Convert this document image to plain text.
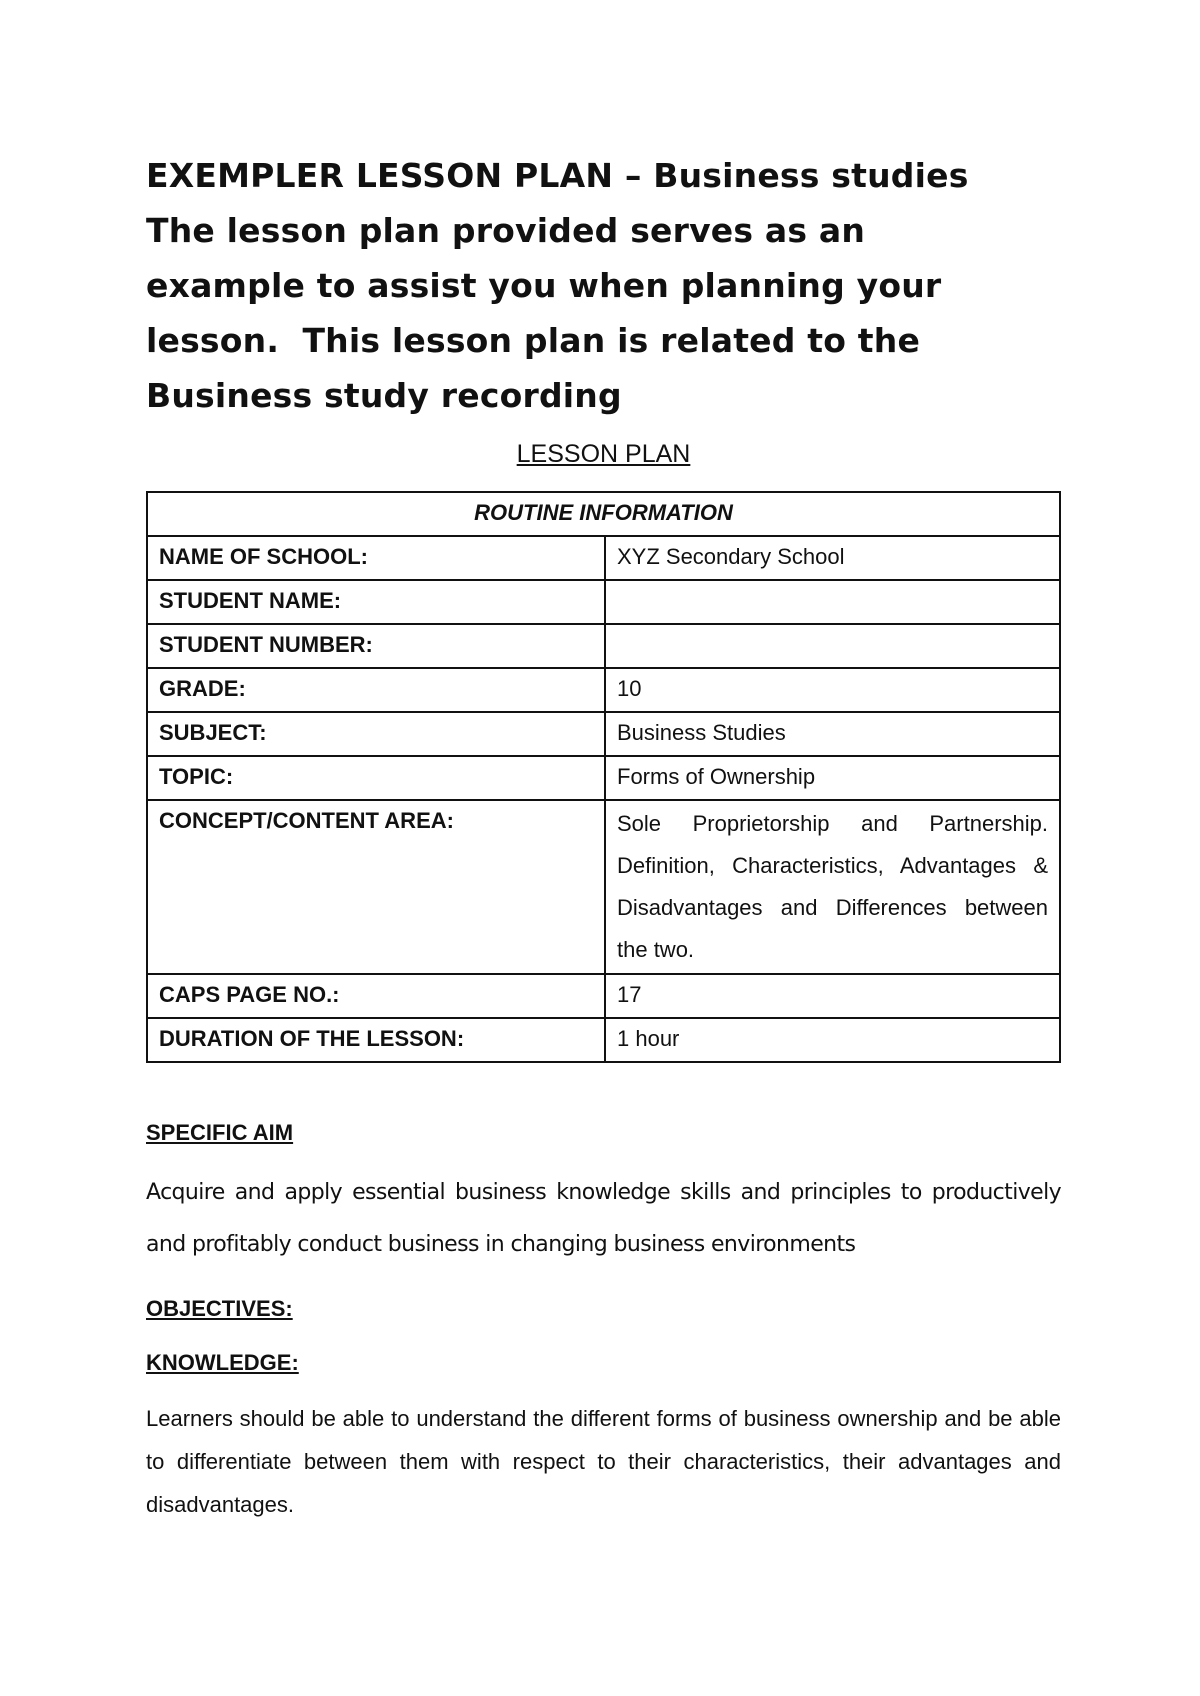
EXEMPLER LESSON PLAN – Business studies
The lesson plan provided serves as an
example to assist you when planning your
lesson.  This lesson plan is related to the
Business study recording
LESSON PLAN
ROUTINE INFORMATION	
NAME OF SCHOOL:	XYZ Secondary School
STUDENT NAME:	
STUDENT NUMBER:	
GRADE:	10
SUBJECT:	Business Studies
TOPIC:	Forms of Ownership
CONCEPT/CONTENT AREA:	Sole Proprietorship and Partnership. Definition, Characteristics, Advantages & Disadvantages and Differences between the two.
CAPS PAGE NO.:	17
DURATION OF THE LESSON:	1 hour

SPECIFIC AIM

Acquire and apply essential business knowledge skills and principles to productively and profitably conduct business in changing business environments

OBJECTIVES:

KNOWLEDGE:

Learners should be able to understand the different forms of business ownership and be able to differentiate between them with respect to their characteristics, their advantages and disadvantages.
